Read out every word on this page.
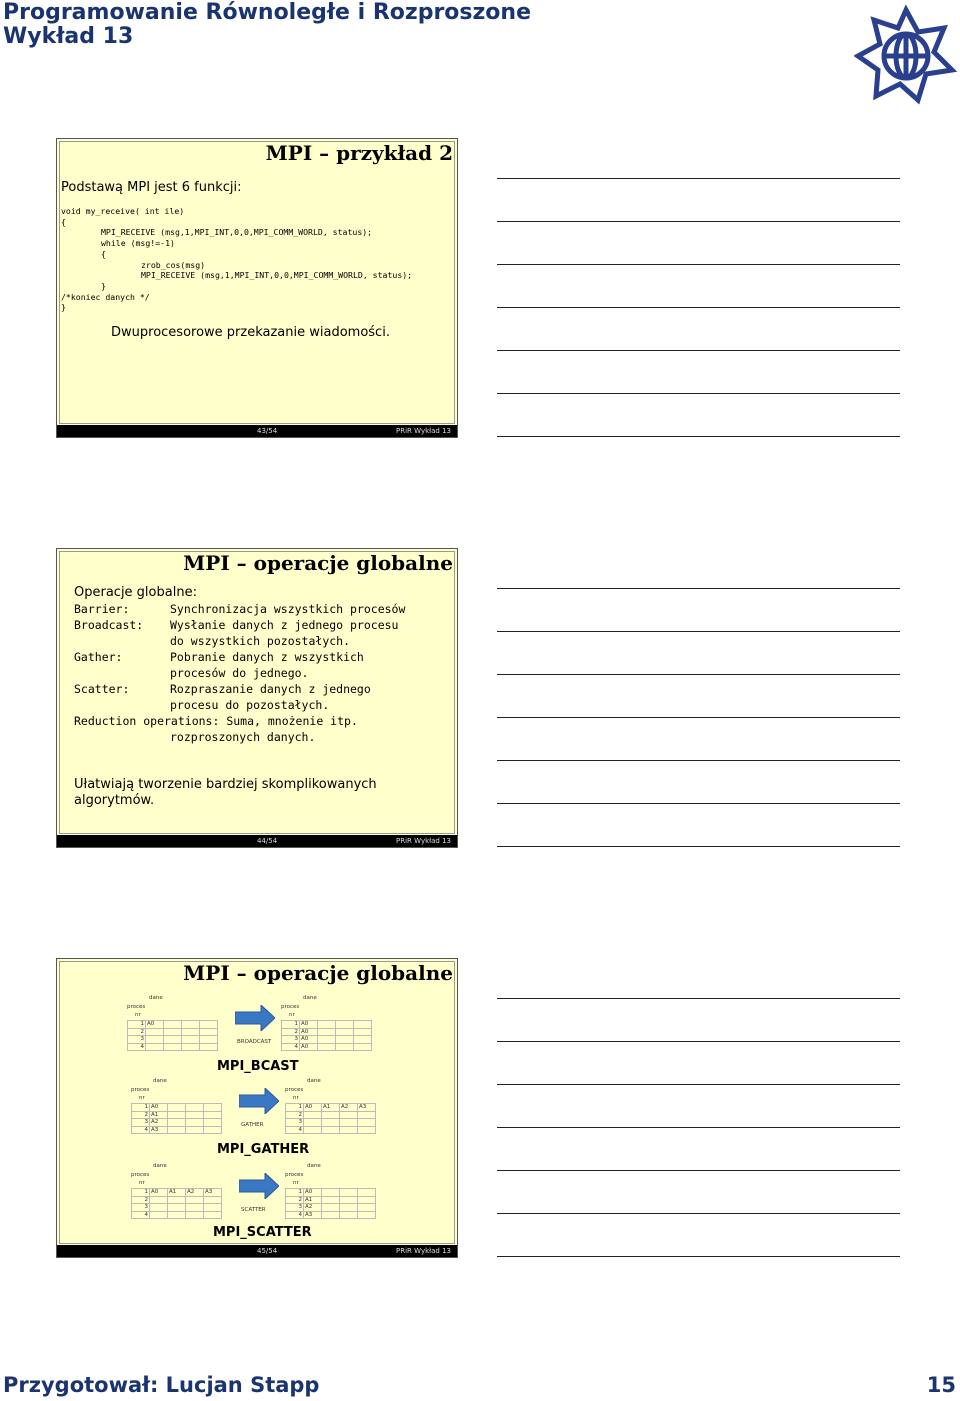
Programowanie Równoległe i Rozproszone
Wykład 13
MPI – przykład 2
Podstawą MPI jest 6 funkcji:
void my_receive( int ile)
{
MPI_RECEIVE (msg,1,MPI_INT,0,0,MPI_COMM_WORLD, status);
while (msg!=-1)
{
zrob_cos(msg)
MPI_RECEIVE (msg,1,MPI_INT,0,0,MPI_COMM_WORLD, status);
}
/*koniec danych */
}
Dwuprocesorowe przekazanie wiadomości.
43/54	PRiR Wykład 13
MPI – operacje globalne
Operacje globalne:
Barrier:	Synchronizacja wszystkich procesów
Broadcast: Wysłanie danych z jednego procesu
do wszystkich pozostałych.
Gather:	Pobranie danych z wszystkich
procesów do jednego.
Scatter:	Rozpraszanie danych z jednego
procesu do pozostałych.
Reduction operations: Suma, mnożenie itp.
rozproszonych danych.
Ułatwiają tworzenie bardziej skomplikowanych
algorytmów.
44/54	PRiR Wykład 13
MPI – operacje globalne
dane
proces
nr
1	A0			
2				
3				
4				
dane
proces
nr
1	A0			
2	A0			
3	A0			
4	A0			
BROADCAST
MPI_BCAST
dane
proces
nr
1	A0			
2	A1			
3	A2			
4	A3			
dane
proces
nr
1	A0	A1	A2	A3
2				
3				
4				
GATHER
MPI_GATHER
dane
proces
nr
1	A0	A1	A2	A3
2				
3				
4				
dane
proces
nr
1	A0			
2	A1			
3	A2			
4	A3			
SCATTER
MPI_SCATTER
45/54	PRiR Wykład 13
Przygotował: Lucjan Stapp	15
